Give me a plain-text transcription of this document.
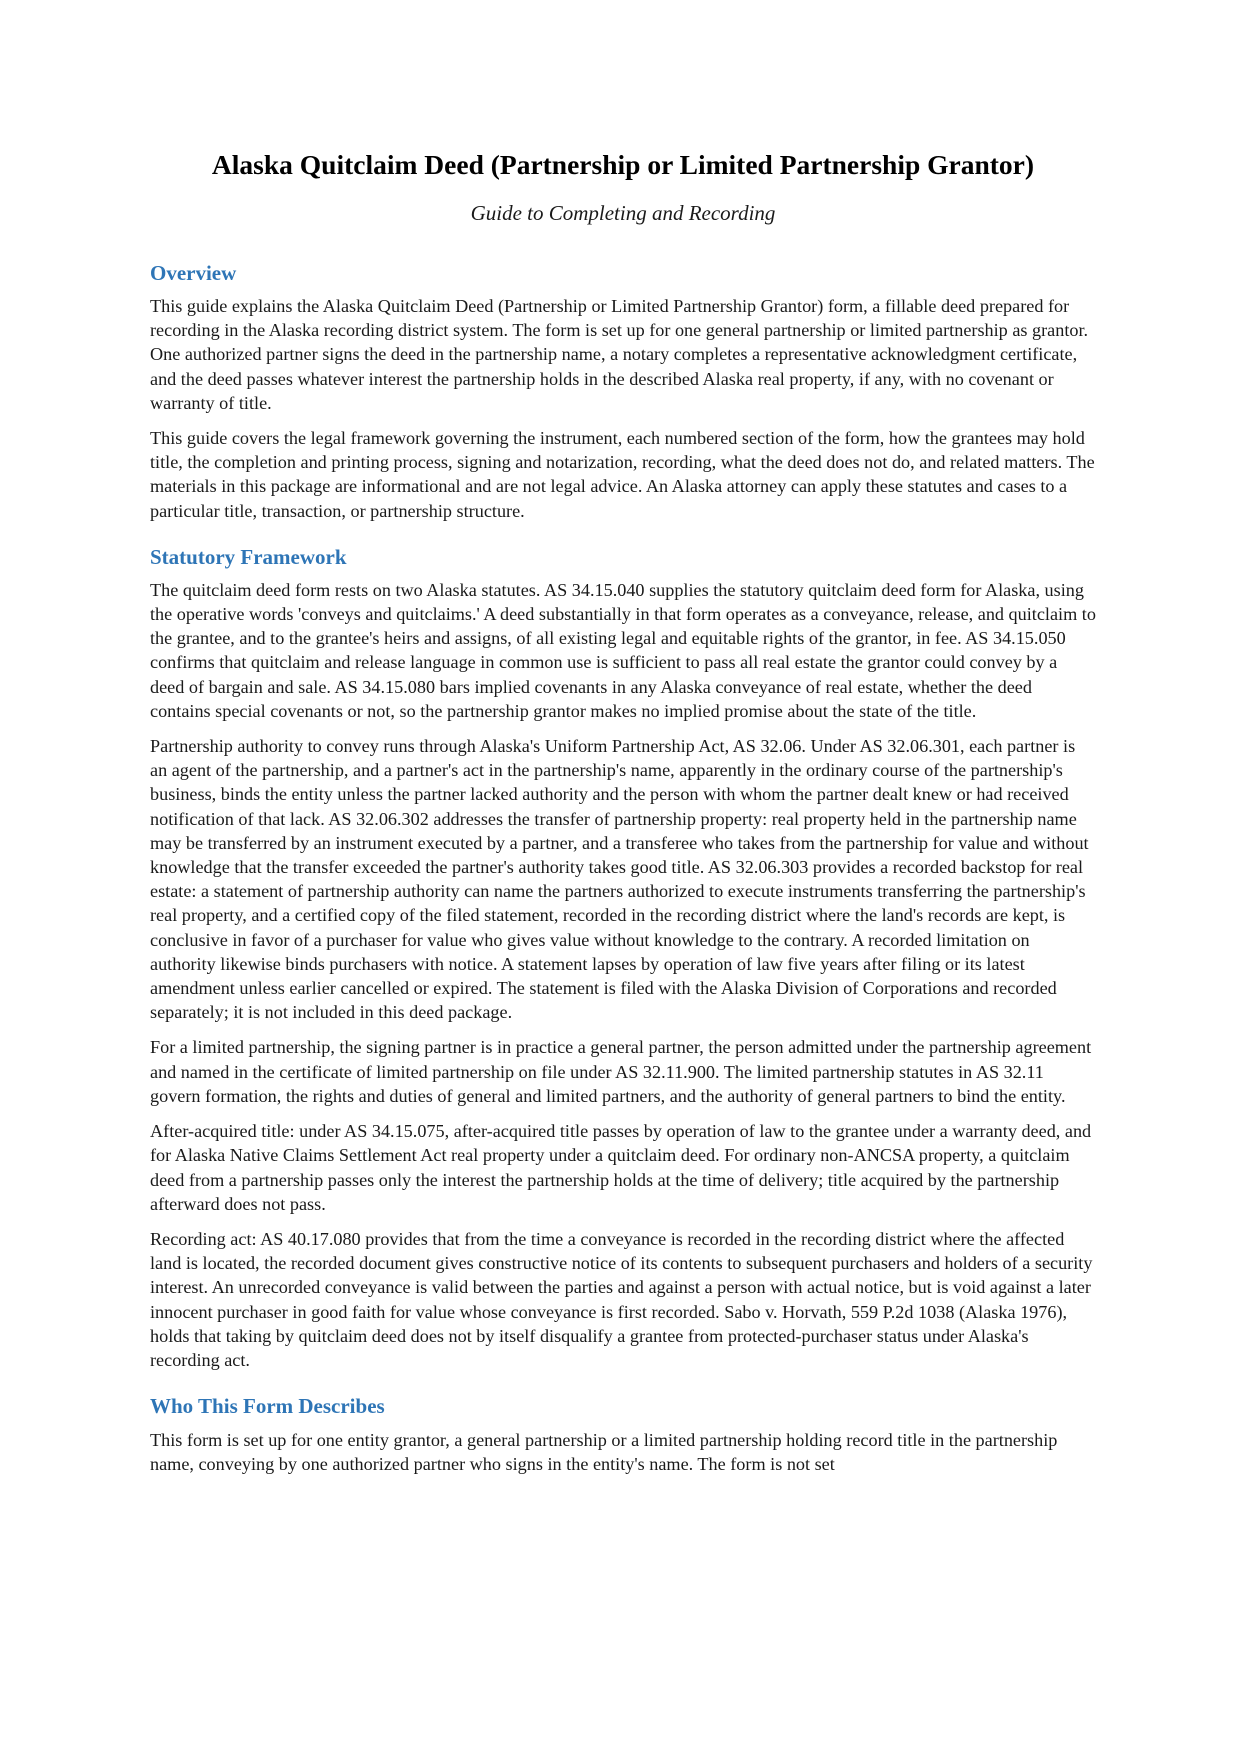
Alaska Quitclaim Deed (Partnership or Limited Partnership Grantor)

Guide to Completing and Recording

Overview

This guide explains the Alaska Quitclaim Deed (Partnership or Limited Partnership Grantor) form, a fillable deed prepared for recording in the Alaska recording district system. The form is set up for one general partnership or limited partnership as grantor. One authorized partner signs the deed in the partnership name, a notary completes a representative acknowledgment certificate, and the deed passes whatever interest the partnership holds in the described Alaska real property, if any, with no covenant or warranty of title.

This guide covers the legal framework governing the instrument, each numbered section of the form, how the grantees may hold title, the completion and printing process, signing and notarization, recording, what the deed does not do, and related matters. The materials in this package are informational and are not legal advice. An Alaska attorney can apply these statutes and cases to a particular title, transaction, or partnership structure.

Statutory Framework

The quitclaim deed form rests on two Alaska statutes. AS 34.15.040 supplies the statutory quitclaim deed form for Alaska, using the operative words 'conveys and quitclaims.' A deed substantially in that form operates as a conveyance, release, and quitclaim to the grantee, and to the grantee's heirs and assigns, of all existing legal and equitable rights of the grantor, in fee. AS 34.15.050 confirms that quitclaim and release language in common use is sufficient to pass all real estate the grantor could convey by a deed of bargain and sale. AS 34.15.080 bars implied covenants in any Alaska conveyance of real estate, whether the deed contains special covenants or not, so the partnership grantor makes no implied promise about the state of the title.

Partnership authority to convey runs through Alaska's Uniform Partnership Act, AS 32.06. Under AS 32.06.301, each partner is an agent of the partnership, and a partner's act in the partnership's name, apparently in the ordinary course of the partnership's business, binds the entity unless the partner lacked authority and the person with whom the partner dealt knew or had received notification of that lack. AS 32.06.302 addresses the transfer of partnership property: real property held in the partnership name may be transferred by an instrument executed by a partner, and a transferee who takes from the partnership for value and without knowledge that the transfer exceeded the partner's authority takes good title. AS 32.06.303 provides a recorded backstop for real estate: a statement of partnership authority can name the partners authorized to execute instruments transferring the partnership's real property, and a certified copy of the filed statement, recorded in the recording district where the land's records are kept, is conclusive in favor of a purchaser for value who gives value without knowledge to the contrary. A recorded limitation on authority likewise binds purchasers with notice. A statement lapses by operation of law five years after filing or its latest amendment unless earlier cancelled or expired. The statement is filed with the Alaska Division of Corporations and recorded separately; it is not included in this deed package.

For a limited partnership, the signing partner is in practice a general partner, the person admitted under the partnership agreement and named in the certificate of limited partnership on file under AS 32.11.900. The limited partnership statutes in AS 32.11 govern formation, the rights and duties of general and limited partners, and the authority of general partners to bind the entity.

After-acquired title: under AS 34.15.075, after-acquired title passes by operation of law to the grantee under a warranty deed, and for Alaska Native Claims Settlement Act real property under a quitclaim deed. For ordinary non-ANCSA property, a quitclaim deed from a partnership passes only the interest the partnership holds at the time of delivery; title acquired by the partnership afterward does not pass.

Recording act: AS 40.17.080 provides that from the time a conveyance is recorded in the recording district where the affected land is located, the recorded document gives constructive notice of its contents to subsequent purchasers and holders of a security interest. An unrecorded conveyance is valid between the parties and against a person with actual notice, but is void against a later innocent purchaser in good faith for value whose conveyance is first recorded. Sabo v. Horvath, 559 P.2d 1038 (Alaska 1976), holds that taking by quitclaim deed does not by itself disqualify a grantee from protected-purchaser status under Alaska's recording act.

Who This Form Describes

This form is set up for one entity grantor, a general partnership or a limited partnership holding record title in the partnership name, conveying by one authorized partner who signs in the entity's name. The form is not set
